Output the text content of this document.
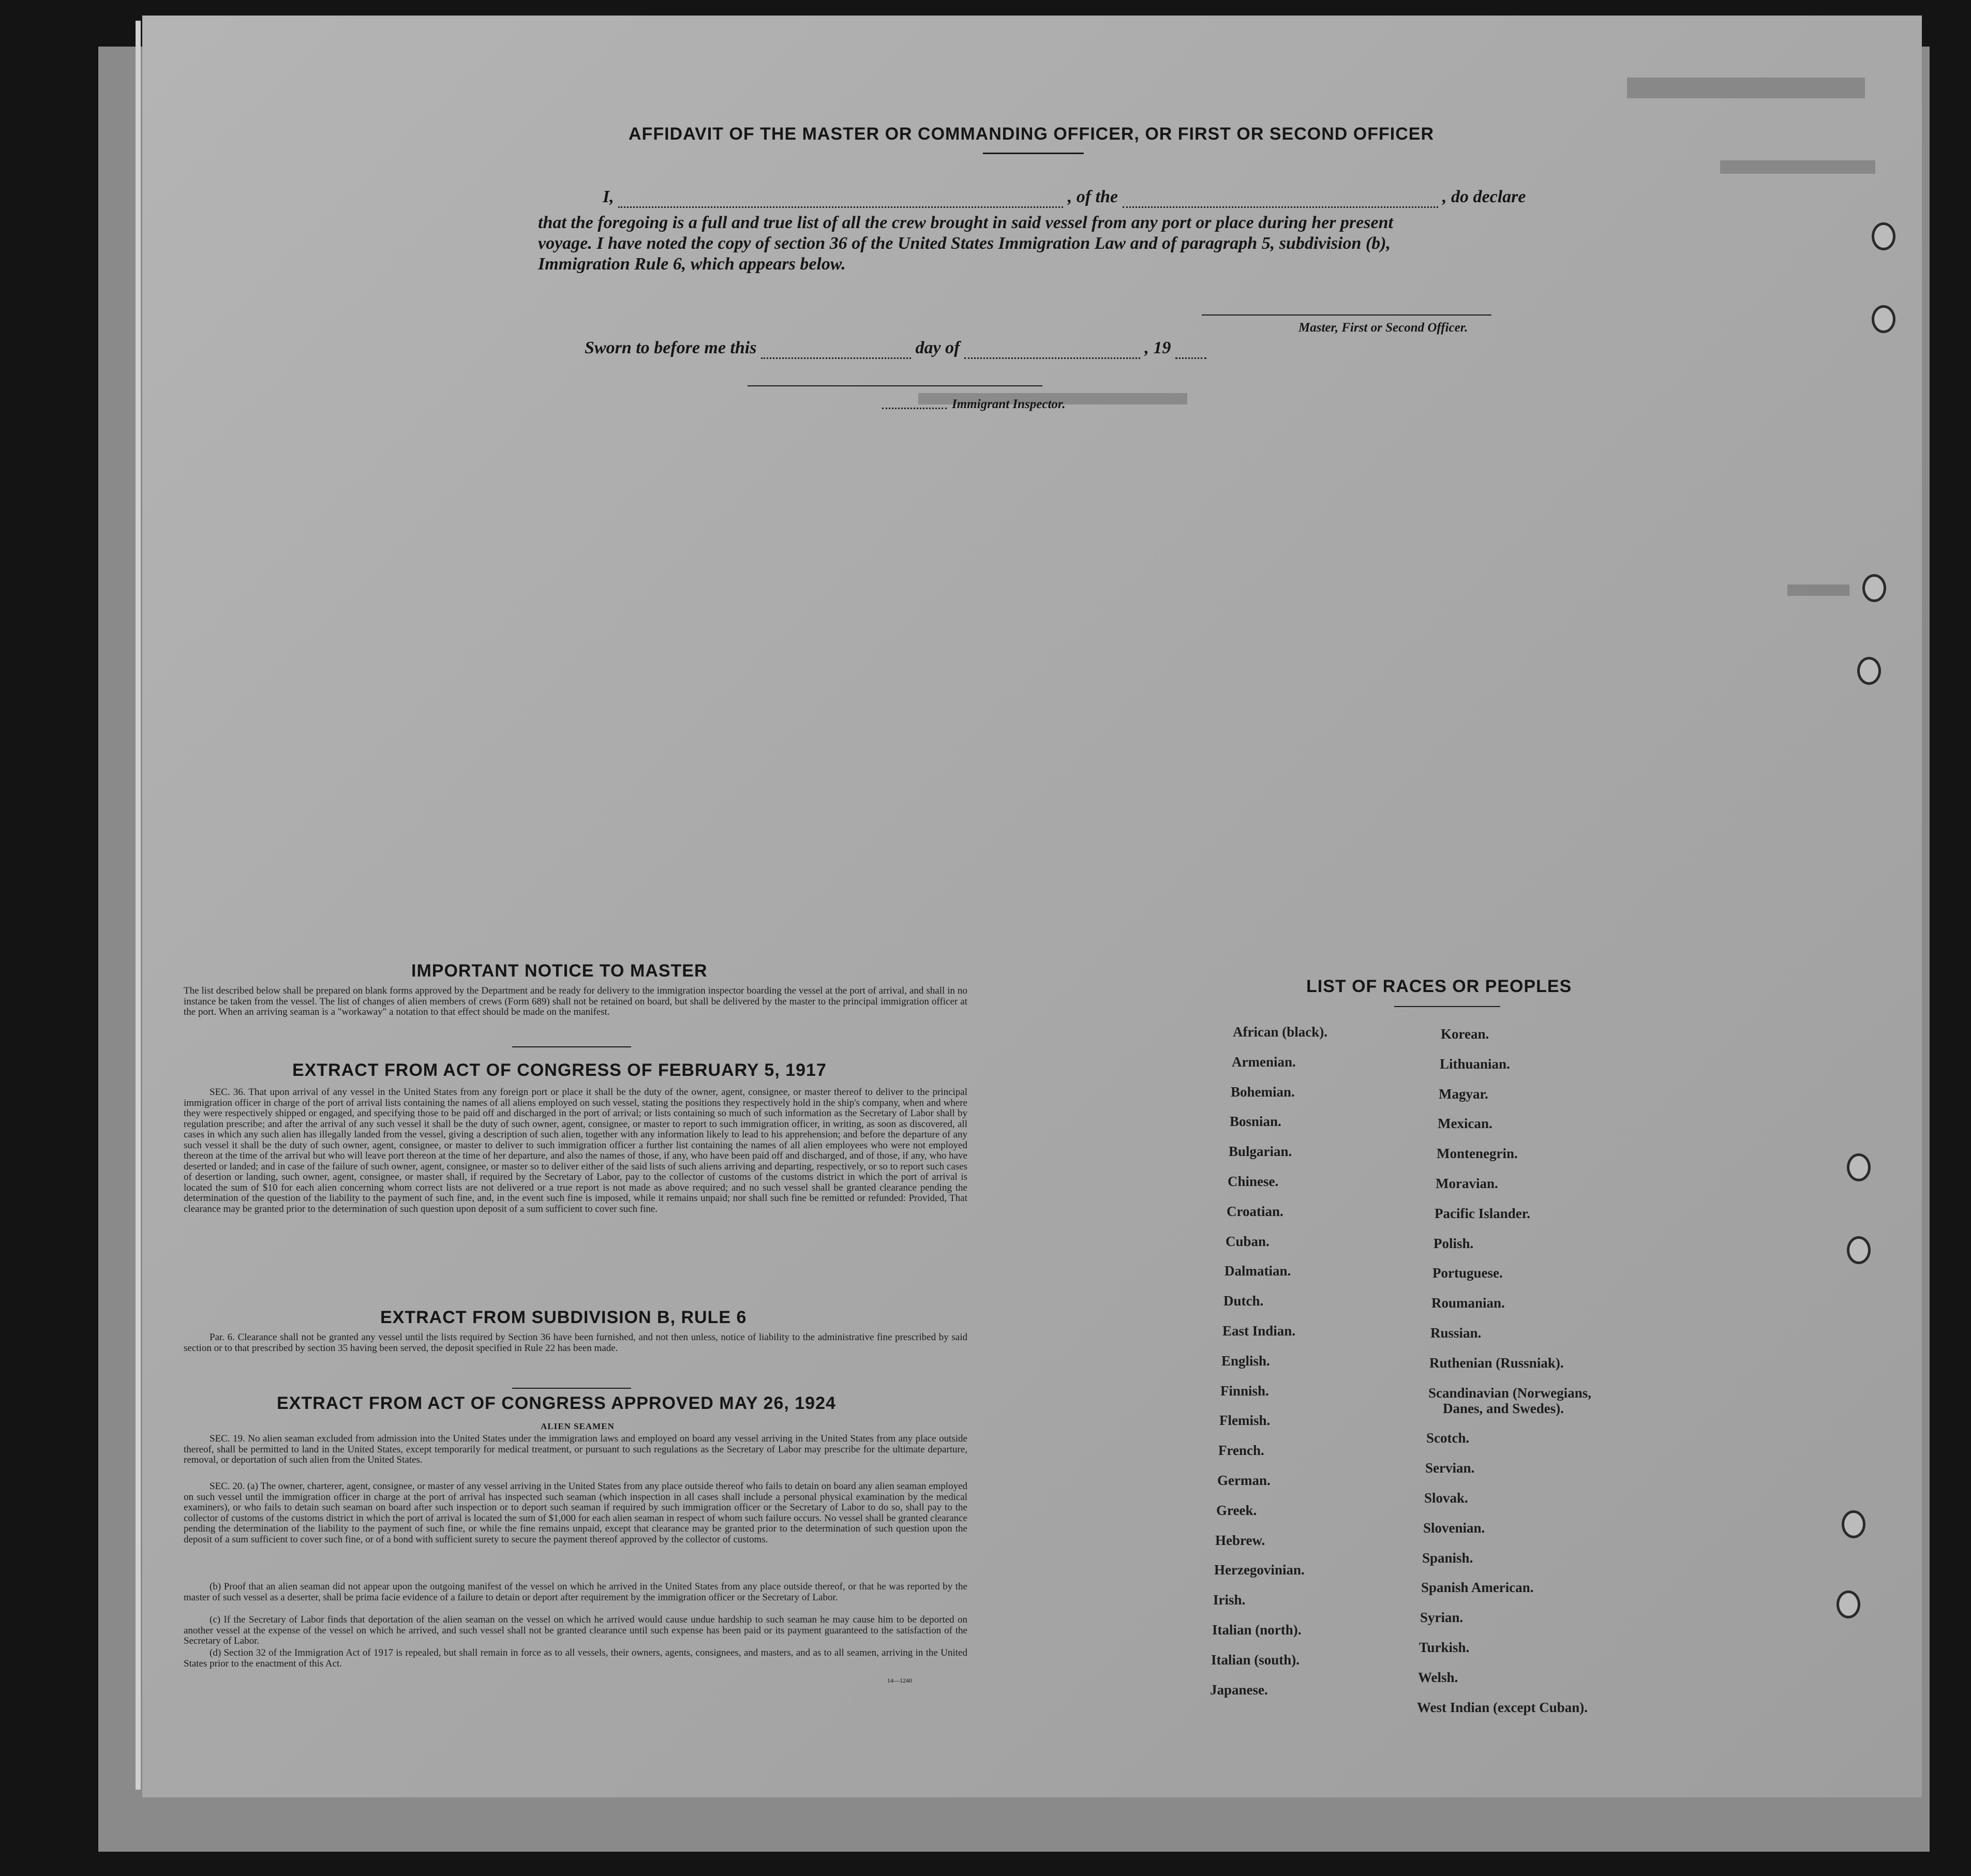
AFFIDAVIT OF THE MASTER OR COMMANDING OFFICER, OR FIRST OR SECOND OFFICER
I,	, of the	, do declare
that the foregoing is a full and true list of all the crew brought in said vessel from any port or place during her present
voyage. I have noted the copy of section 36 of the United States Immigration Law and of paragraph 5, subdivision (b),
Immigration Rule 6, which appears below.
Master, First or Second Officer.
Sworn to before me this	day of	, 19
Immigrant Inspector.
IMPORTANT NOTICE TO MASTER
The list described below shall be prepared on blank forms approved by the Department and be ready for delivery to the immigration inspector boarding the vessel at the port of arrival, and shall in no instance be taken from the vessel. The list of changes of alien members of crews (Form 689) shall not be retained on board, but shall be delivered by the master to the principal immigration officer at the port. When an arriving seaman is a "workaway" a notation to that effect should be made on the manifest.
EXTRACT FROM ACT OF CONGRESS OF FEBRUARY 5, 1917
SEC. 36. That upon arrival of any vessel in the United States from any foreign port or place it shall be the duty of the owner, agent, consignee, or master thereof to deliver to the principal immigration officer in charge of the port of arrival lists containing the names of all aliens employed on such vessel, stating the positions they respectively hold in the ship's company, when and where they were respectively shipped or engaged, and specifying those to be paid off and discharged in the port of arrival; or lists containing so much of such information as the Secretary of Labor shall by regulation prescribe; and after the arrival of any such vessel it shall be the duty of such owner, agent, consignee, or master to report to such immigration officer, in writing, as soon as discovered, all cases in which any such alien has illegally landed from the vessel, giving a description of such alien, together with any information likely to lead to his apprehension; and before the departure of any such vessel it shall be the duty of such owner, agent, consignee, or master to deliver to such immigration officer a further list containing the names of all alien employees who were not employed thereon at the time of the arrival but who will leave port thereon at the time of her departure, and also the names of those, if any, who have been paid off and discharged, and of those, if any, who have deserted or landed; and in case of the failure of such owner, agent, consignee, or master so to deliver either of the said lists of such aliens arriving and departing, respectively, or so to report such cases of desertion or landing, such owner, agent, consignee, or master shall, if required by the Secretary of Labor, pay to the collector of customs of the customs district in which the port of arrival is located the sum of $10 for each alien concerning whom correct lists are not delivered or a true report is not made as above required; and no such vessel shall be granted clearance pending the determination of the question of the liability to the payment of such fine, and, in the event such fine is imposed, while it remains unpaid; nor shall such fine be remitted or refunded: Provided, That clearance may be granted prior to the determination of such question upon deposit of a sum sufficient to cover such fine.
EXTRACT FROM SUBDIVISION B, RULE 6
Par. 6. Clearance shall not be granted any vessel until the lists required by Section 36 have been furnished, and not then unless, notice of liability to the administrative fine prescribed by said section or to that prescribed by section 35 having been served, the deposit specified in Rule 22 has been made.
EXTRACT FROM ACT OF CONGRESS APPROVED MAY 26, 1924
ALIEN SEAMEN
SEC. 19. No alien seaman excluded from admission into the United States under the immigration laws and employed on board any vessel arriving in the United States from any place outside thereof, shall be permitted to land in the United States, except temporarily for medical treatment, or pursuant to such regulations as the Secretary of Labor may prescribe for the ultimate departure, removal, or deportation of such alien from the United States.
SEC. 20. (a) The owner, charterer, agent, consignee, or master of any vessel arriving in the United States from any place outside thereof who fails to detain on board any alien seaman employed on such vessel until the immigration officer in charge at the port of arrival has inspected such seaman (which inspection in all cases shall include a personal physical examination by the medical examiners), or who fails to detain such seaman on board after such inspection or to deport such seaman if required by such immigration officer or the Secretary of Labor to do so, shall pay to the collector of customs of the customs district in which the port of arrival is located the sum of $1,000 for each alien seaman in respect of whom such failure occurs. No vessel shall be granted clearance pending the determination of the liability to the payment of such fine, or while the fine remains unpaid, except that clearance may be granted prior to the determination of such question upon the deposit of a sum sufficient to cover such fine, or of a bond with sufficient surety to secure the payment thereof approved by the collector of customs.
(b) Proof that an alien seaman did not appear upon the outgoing manifest of the vessel on which he arrived in the United States from any place outside thereof, or that he was reported by the master of such vessel as a deserter, shall be prima facie evidence of a failure to detain or deport after requirement by the immigration officer or the Secretary of Labor.
(c) If the Secretary of Labor finds that deportation of the alien seaman on the vessel on which he arrived would cause undue hardship to such seaman he may cause him to be deported on another vessel at the expense of the vessel on which he arrived, and such vessel shall not be granted clearance until such expense has been paid or its payment guaranteed to the satisfaction of the Secretary of Labor.
(d) Section 32 of the Immigration Act of 1917 is repealed, but shall remain in force as to all vessels, their owners, agents, consignees, and masters, and as to all seamen, arriving in the United States prior to the enactment of this Act.
14—1240
LIST OF RACES OR PEOPLES
African (black).
Armenian.
Bohemian.
Bosnian.
Bulgarian.
Chinese.
Croatian.
Cuban.
Dalmatian.
Dutch.
East Indian.
English.
Finnish.
Flemish.
French.
German.
Greek.
Hebrew.
Herzegovinian.
Irish.
Italian (north).
Italian (south).
Japanese.
Korean.
Lithuanian.
Magyar.
Mexican.
Montenegrin.
Moravian.
Pacific Islander.
Polish.
Portuguese.
Roumanian.
Russian.
Ruthenian (Russniak).
Scandinavian (Norwegians,
Danes, and Swedes).
Scotch.
Servian.
Slovak.
Slovenian.
Spanish.
Spanish American.
Syrian.
Turkish.
Welsh.
West Indian (except Cuban).
